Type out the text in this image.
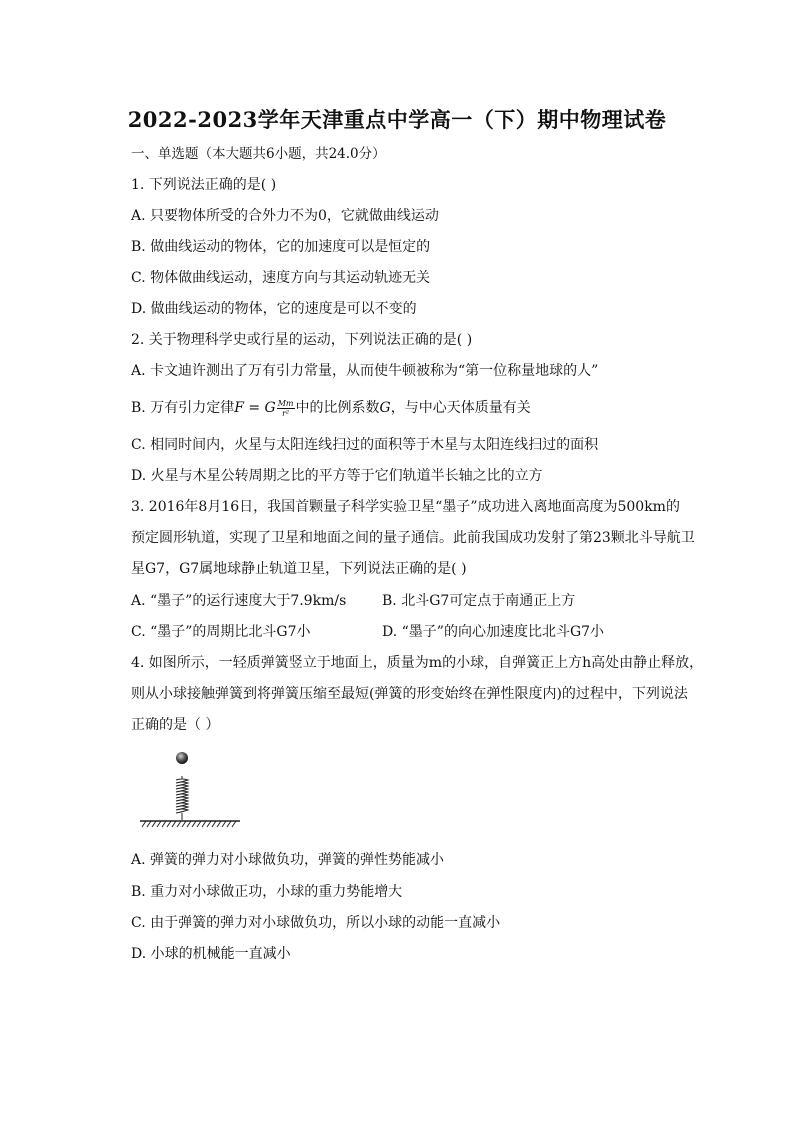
2022-2023学年天津重点中学高一（下）期中物理试卷
一、单选题（本大题共6小题，共24.0分）
1. 下列说法正确的是( )
A. 只要物体所受的合外力不为0，它就做曲线运动
B. 做曲线运动的物体，它的加速度可以是恒定的
C. 物体做曲线运动，速度方向与其运动轨迹无关
D. 做曲线运动的物体，它的速度是可以不变的
2. 关于物理科学史或行星的运动，下列说法正确的是( )
A. 卡文迪许测出了万有引力常量，从而使牛顿被称为“第一位称量地球的人”
B. 万有引力定律F = G $\frac{Mm}{\text{r²}}$ 中的比例系数G，与中心天体质量有关
C. 相同时间内，火星与太阳连线扫过的面积等于木星与太阳连线扫过的面积
D. 火星与木星公转周期之比的平方等于它们轨道半长轴之比的立方
3. 2016年8月16日，我国首颗量子科学实验卫星“墨子”成功进入离地面高度为500km的
预定圆形轨道，实现了卫星和地面之间的量子通信。此前我国成功发射了第23颗北斗导航卫
星G7，G7属地球静止轨道卫星，下列说法正确的是( )
A. “墨子”的运行速度大于7.9km/s	B. 北斗G7可定点于南通正上方
C. “墨子”的周期比北斗G7小	D. “墨子”的向心加速度比北斗G7小
4. 如图所示，一轻质弹簧竖立于地面上，质量为m的小球，自弹簧正上方h高处由静止释放，
则从小球接触弹簧到将弹簧压缩至最短(弹簧的形变始终在弹性限度内)的过程中，下列说法
正确的是（ ）
A. 弹簧的弹力对小球做负功，弹簧的弹性势能减小
B. 重力对小球做正功，小球的重力势能增大
C. 由于弹簧的弹力对小球做负功，所以小球的动能一直减小
D. 小球的机械能一直减小
